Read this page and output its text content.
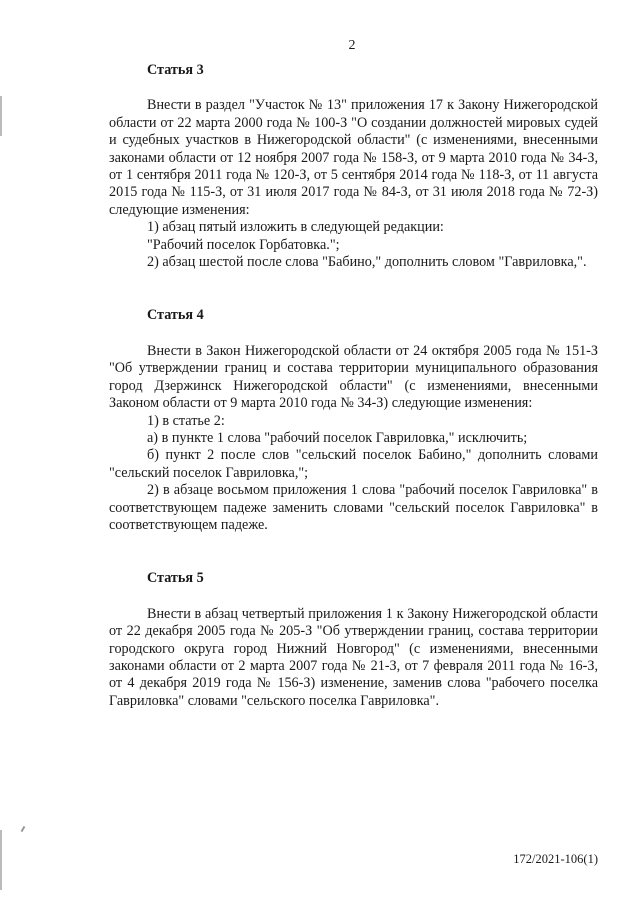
2
Статья 3

Внести в раздел "Участок № 13" приложения 17 к Закону Нижегородской области от 22 марта 2000 года № 100-З "О создании должностей мировых судей и судебных участков в Нижегородской области" (с изменениями, внесенными законами области от 12 ноября 2007 года № 158-З, от 9 марта 2010 года № 34-З, от 1 сентября 2011 года № 120-З, от 5 сентября 2014 года № 118-З, от 11 августа 2015 года № 115-З, от 31 июля 2017 года № 84-З, от 31 июля 2018 года № 72-З) следующие изменения:

1) абзац пятый изложить в следующей редакции:

"Рабочий поселок Горбатовка.";

2) абзац шестой после слова "Бабино," дополнить словом "Гавриловка,".

Статья 4

Внести в Закон Нижегородской области от 24 октября 2005 года № 151-З "Об утверждении границ и состава территории муниципального образования город Дзержинск Нижегородской области" (с изменениями, внесенными Законом области от 9 марта 2010 года № 34-З) следующие изменения:

1) в статье 2:

а) в пункте 1 слова "рабочий поселок Гавриловка," исключить;

б) пункт 2 после слов "сельский поселок Бабино," дополнить словами "сельский поселок Гавриловка,";

2) в абзаце восьмом приложения 1 слова "рабочий поселок Гавриловка" в соответствующем падеже заменить словами "сельский поселок Гавриловка" в соответствующем падеже.

Статья 5

Внести в абзац четвертый приложения 1 к Закону Нижегородской области от 22 декабря 2005 года № 205-З "Об утверждении границ, состава территории городского округа город Нижний Новгород" (с изменениями, внесенными законами области от 2 марта 2007 года № 21-З, от 7 февраля 2011 года № 16-З, от 4 декабря 2019 года № 156-З) изменение, заменив слова "рабочего поселка Гавриловка" словами "сельского поселка Гавриловка".

172/2021-106(1)
